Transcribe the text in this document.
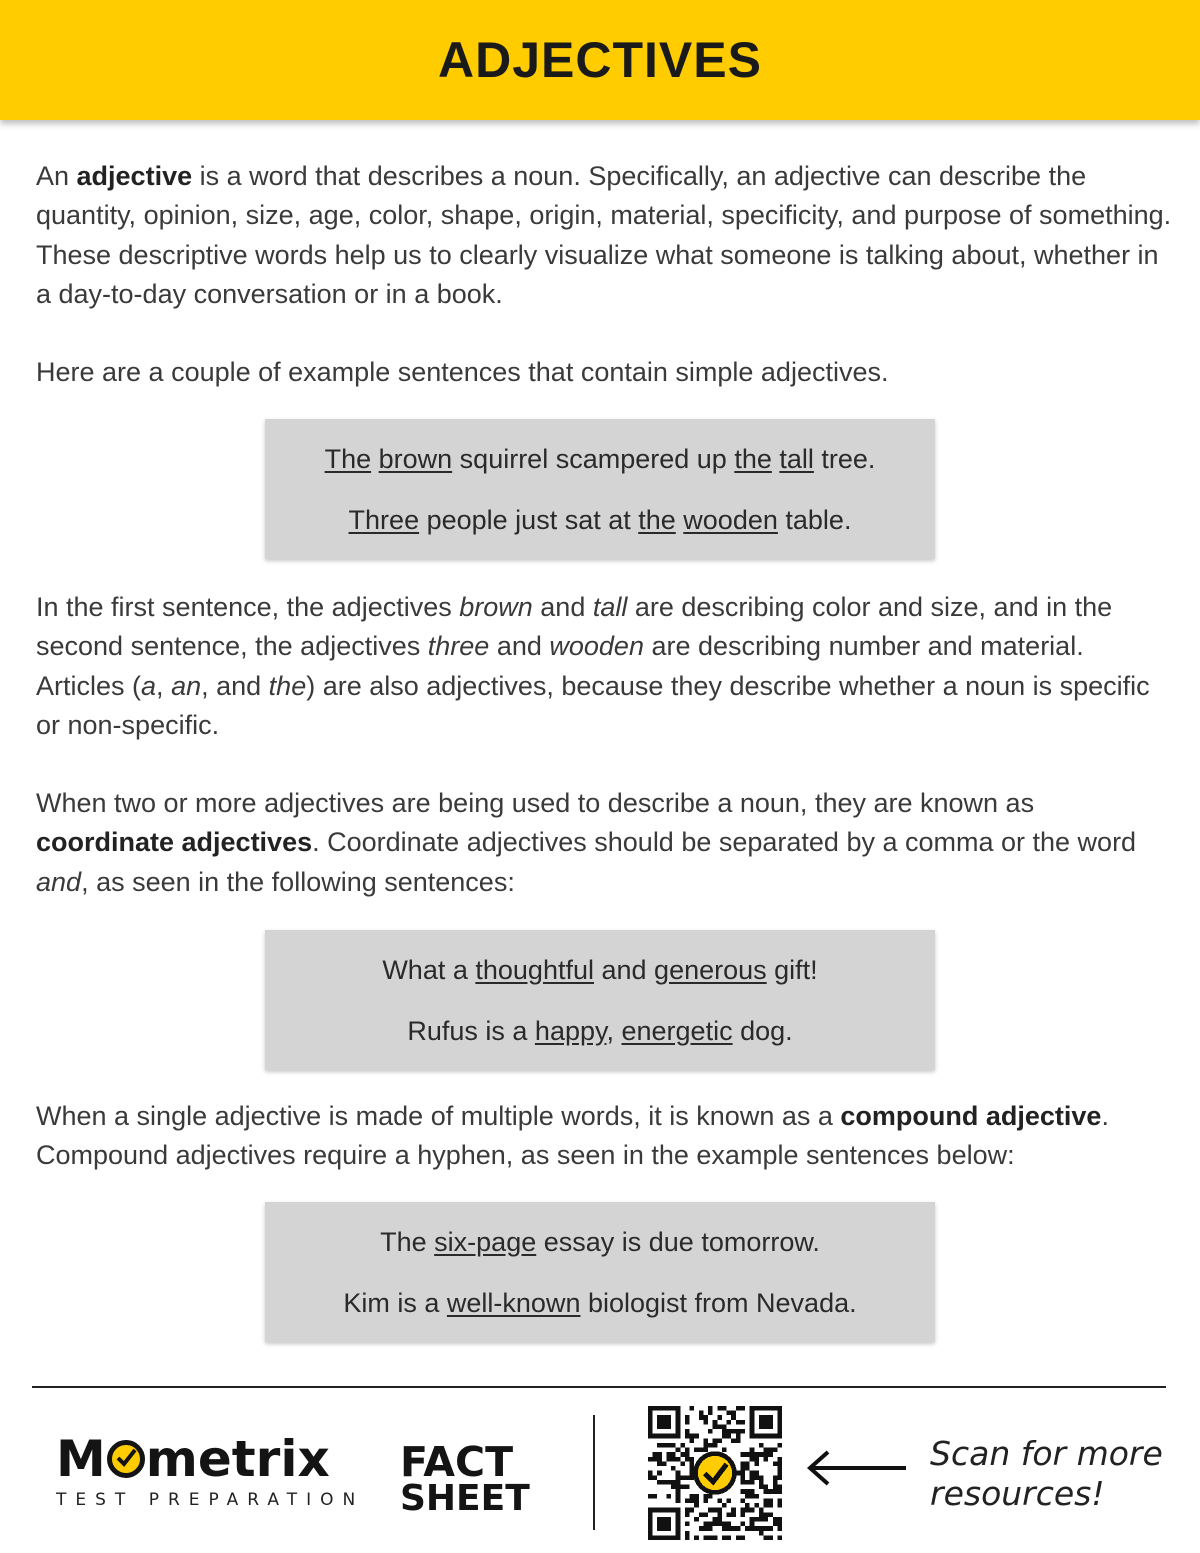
ADJECTIVES

An adjective is a word that describes a noun. Specifically, an adjective can describe the quantity, opinion, size, age, color, shape, origin, material, specificity, and purpose of something. These descriptive words help us to clearly visualize what someone is talking about, whether in a day-to-day conversation or in a book.

Here are a couple of example sentences that contain simple adjectives.

The brown squirrel scampered up the tall tree.
Three people just sat at the wooden table.

In the first sentence, the adjectives brown and tall are describing color and size, and in the second sentence, the adjectives three and wooden are describing number and material. Articles (a, an, and the) are also adjectives, because they describe whether a noun is specific or non-specific.

When two or more adjectives are being used to describe a noun, they are known as coordinate adjectives. Coordinate adjectives should be separated by a comma or the word and, as seen in the following sentences:

What a thoughtful and generous gift!
Rufus is a happy, energetic dog.

When a single adjective is made of multiple words, it is known as a compound adjective. Compound adjectives require a hyphen, as seen in the example sentences below:

The six-page essay is due tomorrow.
Kim is a well-known biologist from Nevada.
M metrix
TEST PREPARATION
FACT
SHEET
Scan for more
resources!
